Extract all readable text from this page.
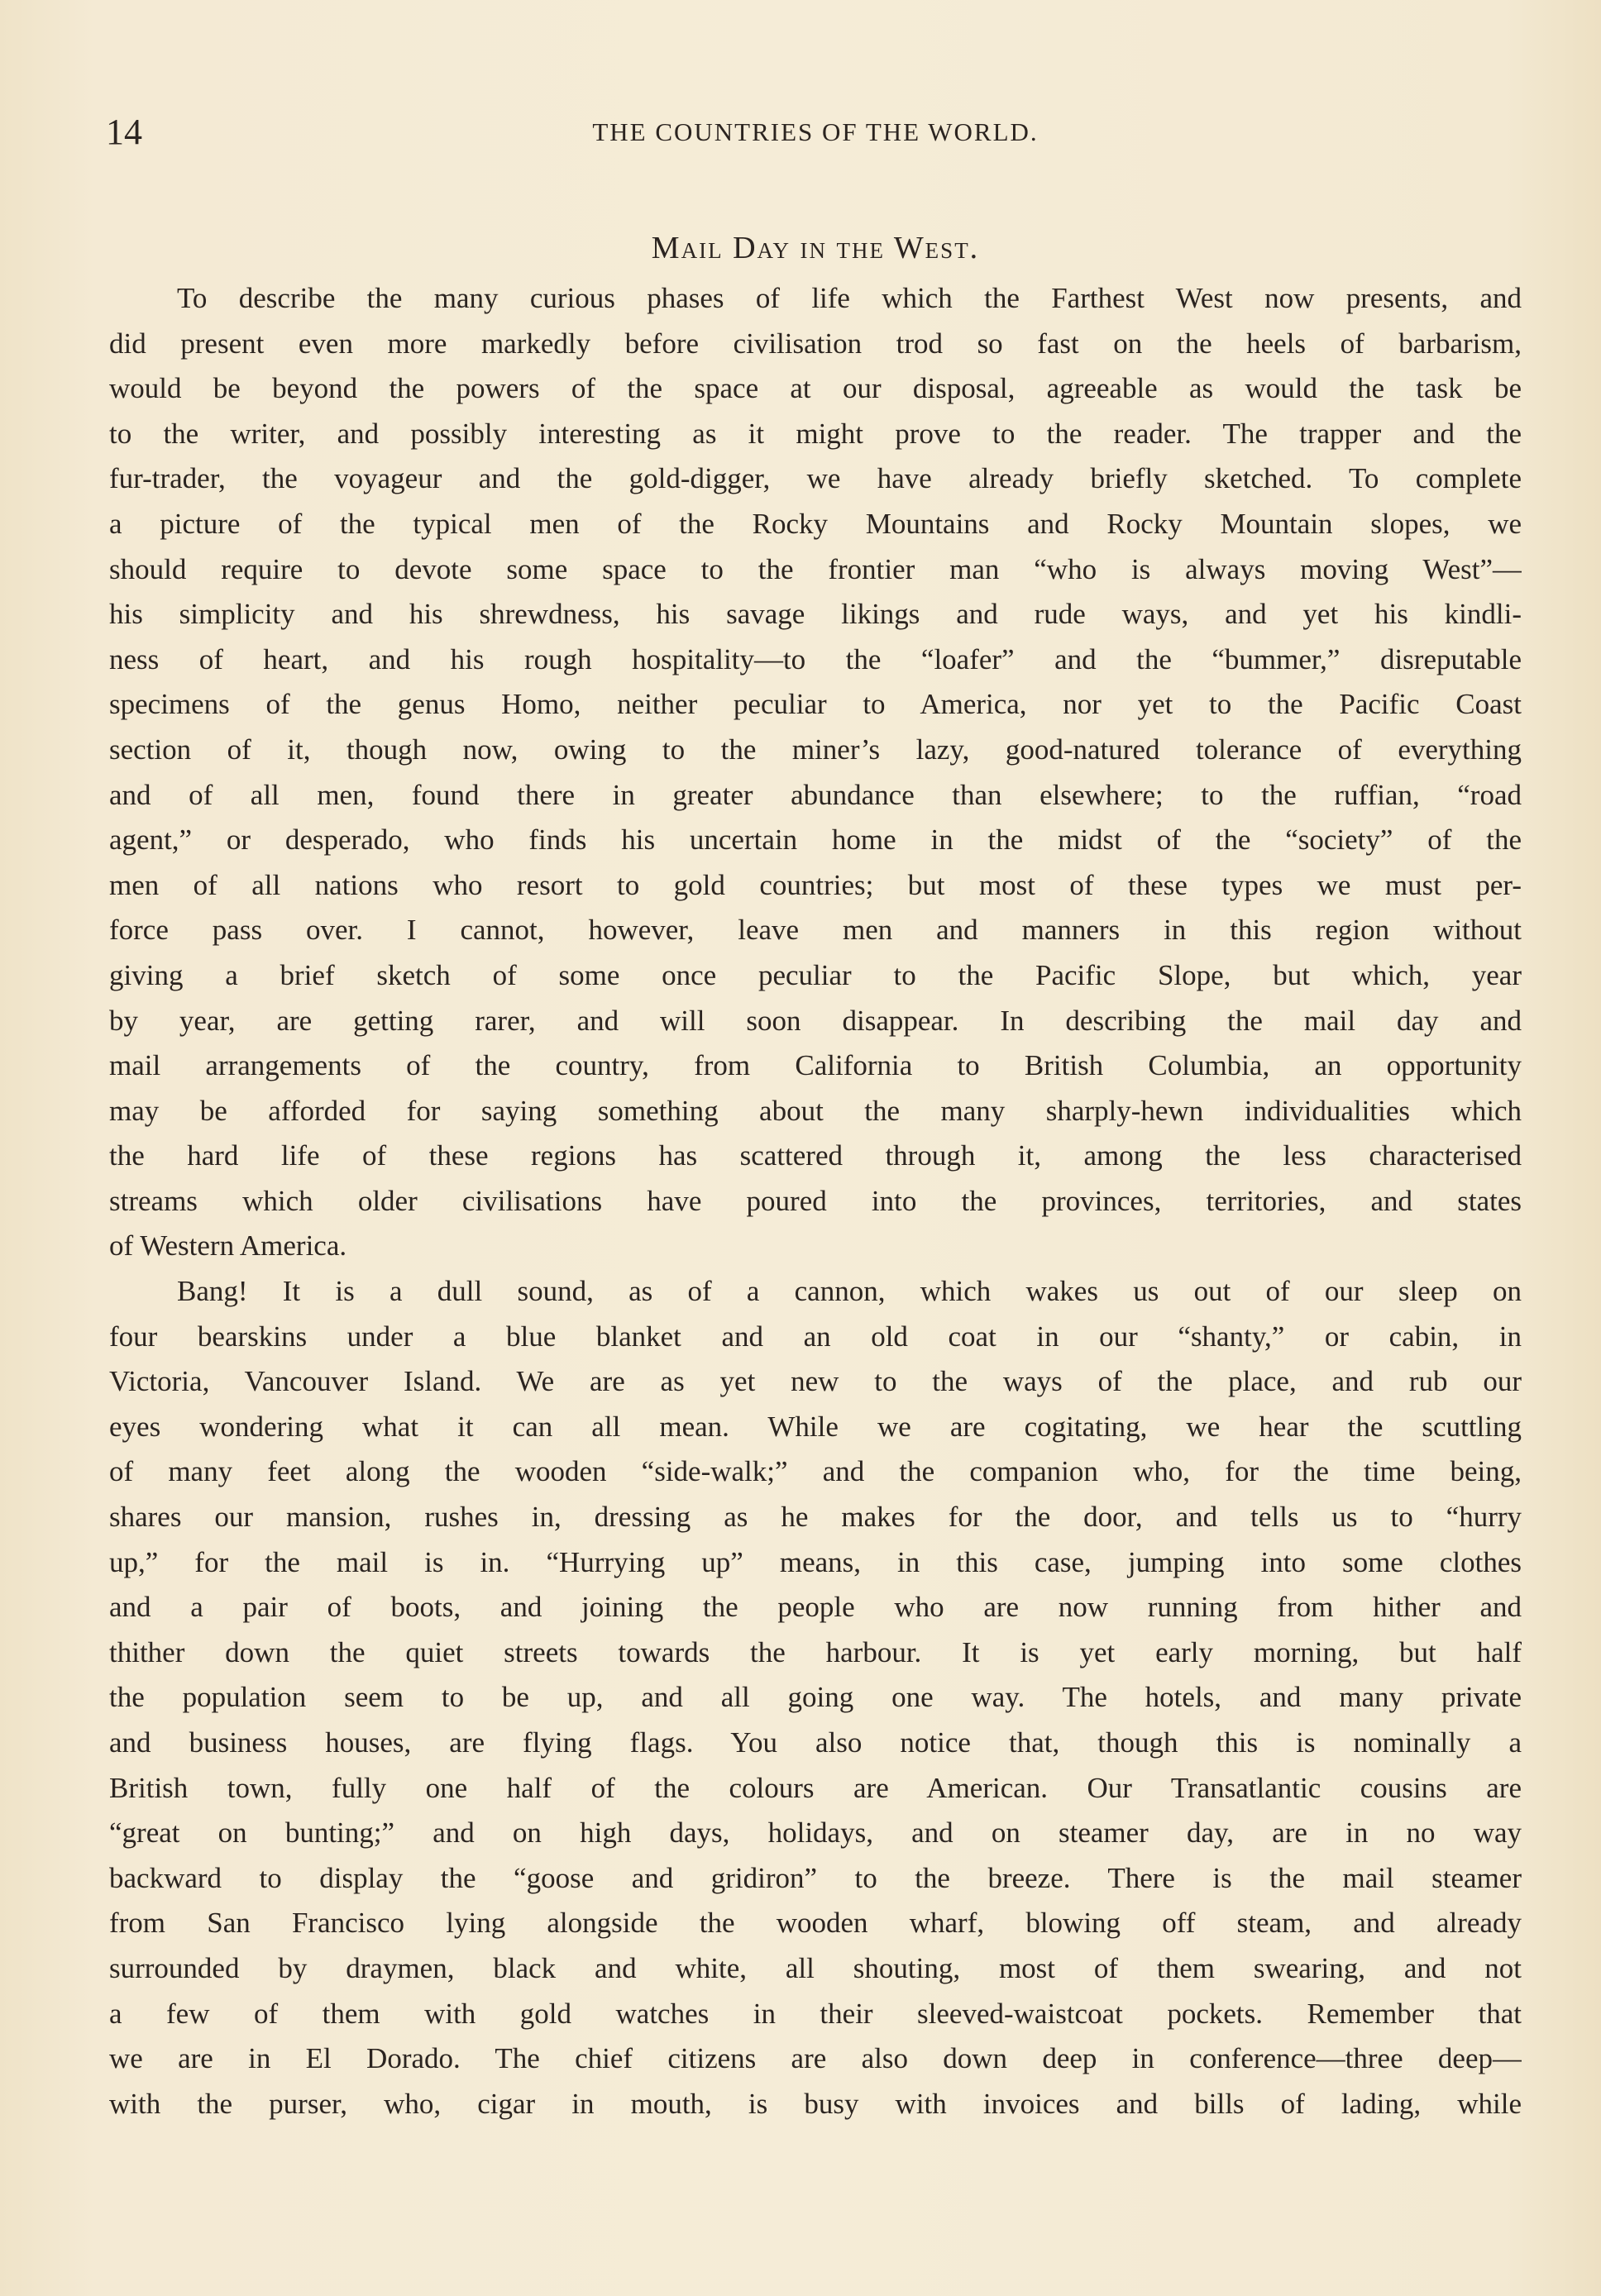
14	THE COUNTRIES OF THE WORLD.
Mail Day in the West.
To describe the many curious phases of life which the Farthest West now presents, and
did present even more markedly before civilisation trod so fast on the heels of barbarism,
would be beyond the powers of the space at our disposal, agreeable as would the task be
to the writer, and possibly interesting as it might prove to the reader. The trapper and the
fur-trader, the voyageur and the gold-digger, we have already briefly sketched. To complete
a picture of the typical men of the Rocky Mountains and Rocky Mountain slopes, we
should require to devote some space to the frontier man “who is always moving West”—
his simplicity and his shrewdness, his savage likings and rude ways, and yet his kindli-
ness of heart, and his rough hospitality—to the “loafer” and the “bummer,” disreputable
specimens of the genus Homo, neither peculiar to America, nor yet to the Pacific Coast
section of it, though now, owing to the miner’s lazy, good-natured tolerance of everything
and of all men, found there in greater abundance than elsewhere; to the ruffian, “road
agent,” or desperado, who finds his uncertain home in the midst of the “society” of the
men of all nations who resort to gold countries; but most of these types we must per-
force pass over. I cannot, however, leave men and manners in this region without
giving a brief sketch of some once peculiar to the Pacific Slope, but which, year
by year, are getting rarer, and will soon disappear. In describing the mail day and
mail arrangements of the country, from California to British Columbia, an opportunity
may be afforded for saying something about the many sharply-hewn individualities which
the hard life of these regions has scattered through it, among the less characterised
streams which older civilisations have poured into the provinces, territories, and states
of Western America.
Bang! It is a dull sound, as of a cannon, which wakes us out of our sleep on
four bearskins under a blue blanket and an old coat in our “shanty,” or cabin, in
Victoria, Vancouver Island. We are as yet new to the ways of the place, and rub our
eyes wondering what it can all mean. While we are cogitating, we hear the scuttling
of many feet along the wooden “side-walk;” and the companion who, for the time being,
shares our mansion, rushes in, dressing as he makes for the door, and tells us to “hurry
up,” for the mail is in. “Hurrying up” means, in this case, jumping into some clothes
and a pair of boots, and joining the people who are now running from hither and
thither down the quiet streets towards the harbour. It is yet early morning, but half
the population seem to be up, and all going one way. The hotels, and many private
and business houses, are flying flags. You also notice that, though this is nominally a
British town, fully one half of the colours are American. Our Transatlantic cousins are
“great on bunting;” and on high days, holidays, and on steamer day, are in no way
backward to display the “goose and gridiron” to the breeze. There is the mail steamer
from San Francisco lying alongside the wooden wharf, blowing off steam, and already
surrounded by draymen, black and white, all shouting, most of them swearing, and not
a few of them with gold watches in their sleeved-waistcoat pockets. Remember that
we are in El Dorado. The chief citizens are also down deep in conference—three deep—
with the purser, who, cigar in mouth, is busy with invoices and bills of lading, while
